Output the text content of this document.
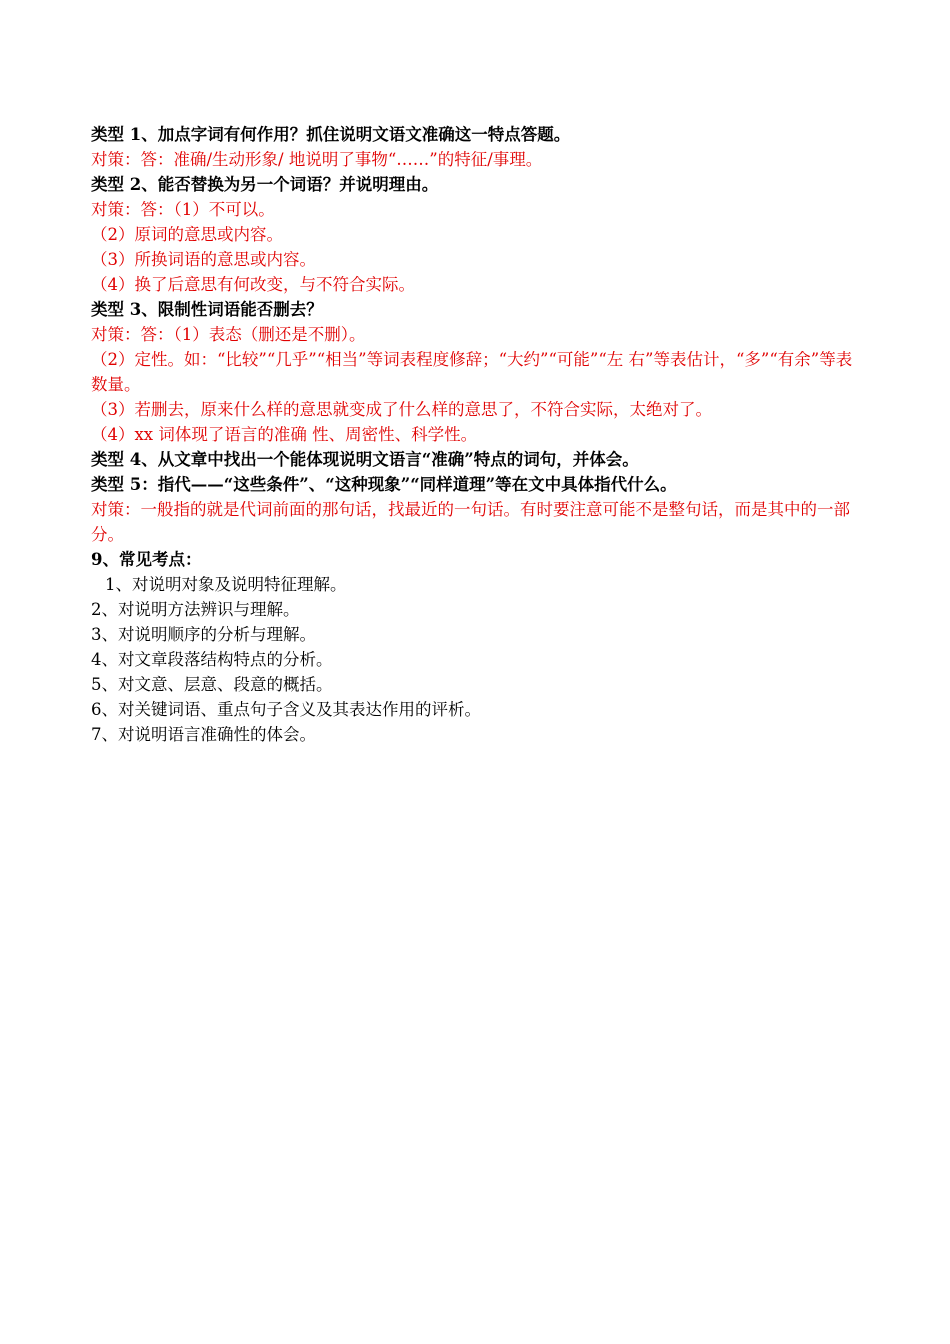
类型 1、加点字词有何作用？抓住说明文语文准确这一特点答题。

对策：答：准确/生动形象/ 地说明了事物“……”的特征/事理。

类型 2、能否替换为另一个词语？并说明理由。

对策：答：（1）不可以。

（2）原词的意思或内容。

（3）所换词语的意思或内容。

（4）换了后意思有何改变，与不符合实际。

类型 3、限制性词语能否删去？

对策：答：（1）表态（删还是不删）。

（2）定性。如：“比较”“几乎”“相当”等词表程度修辞；“大约”“可能”“左 右”等表估计，“多”“有余”等表数量。

（3）若删去，原来什么样的意思就变成了什么样的意思了，不符合实际，太绝对了。

（4）xx 词体现了语言的准确 性、周密性、科学性。

类型 4、从文章中找出一个能体现说明文语言“准确”特点的词句，并体会。

类型 5：指代——“这些条件”、“这种现象”“同样道理”等在文中具体指代什么。

对策：一般指的就是代词前面的那句话，找最近的一句话。有时要注意可能不是整句话，而是其中的一部分。

9、常见考点：

1、对说明对象及说明特征理解。

2、对说明方法辨识与理解。

3、对说明顺序的分析与理解。

4、对文章段落结构特点的分析。

5、对文意、层意、段意的概括。

6、对关键词语、重点句子含义及其表达作用的评析。

7、对说明语言准确性的体会。
